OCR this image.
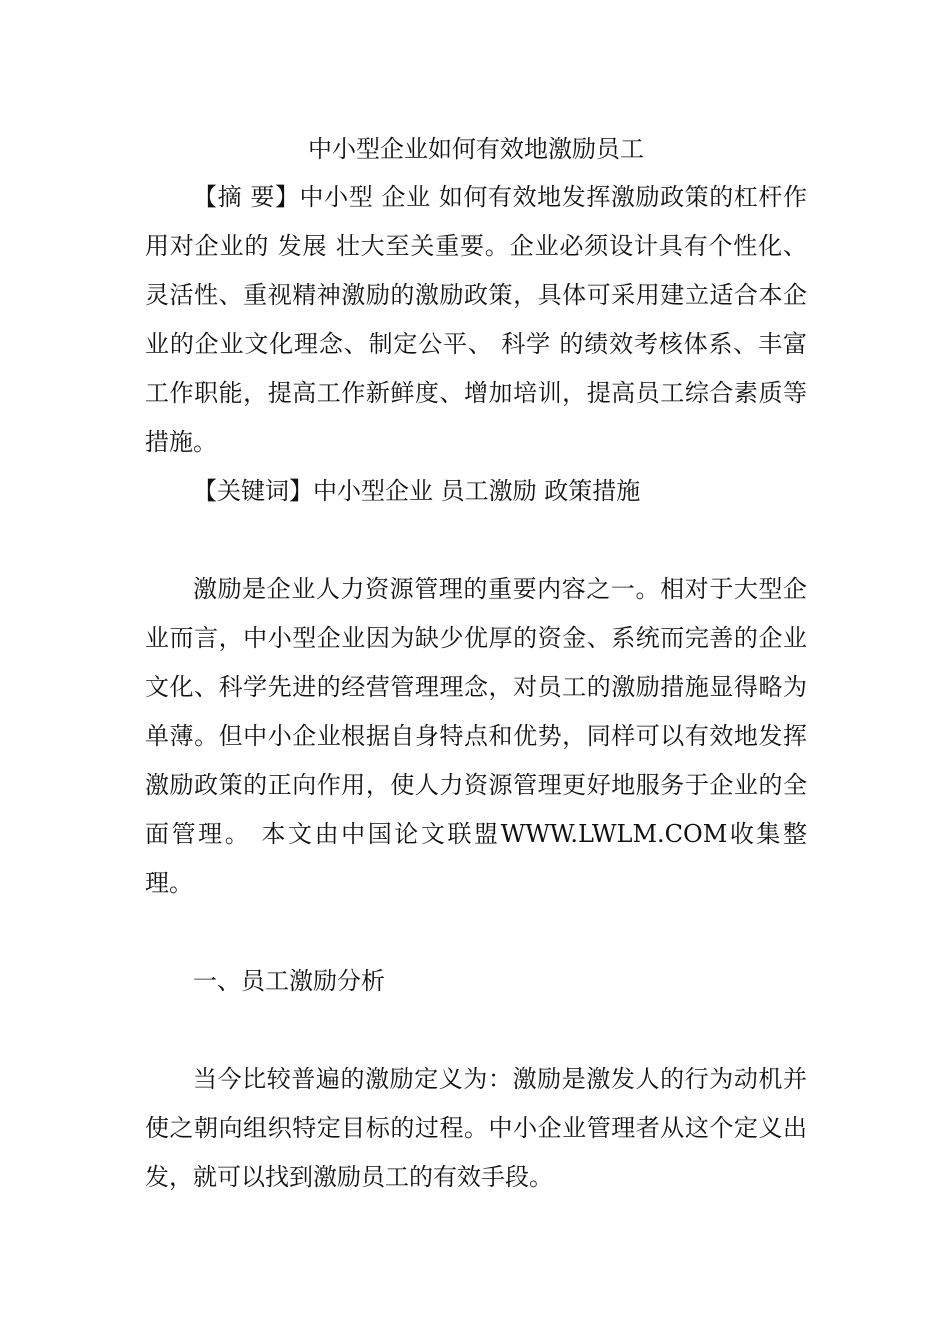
中小型企业如何有效地激励员工

【摘 要】中小型 企业 如何有效地发挥激励政策的杠杆作用对企业的 发展 壮大至关重要。企业必须设计具有个性化、灵活性、重视精神激励的激励政策，具体可采用建立适合本企业的企业文化理念、制定公平、 科学 的绩效考核体系、丰富工作职能，提高工作新鲜度、增加培训，提高员工综合素质等措施。

【关键词】中小型企业 员工激励 政策措施

激励是企业人力资源管理的重要内容之一。相对于大型企业而言，中小型企业因为缺少优厚的资金、系统而完善的企业文化、科学先进的经营管理理念，对员工的激励措施显得略为单薄。但中小企业根据自身特点和优势，同样可以有效地发挥激励政策的正向作用，使人力资源管理更好地服务于企业的全面管理。 本文由中国论文联盟WWW.LWLM.COM收集整理。

一、员工激励分析

当今比较普遍的激励定义为：激励是激发人的行为动机并使之朝向组织特定目标的过程。中小企业管理者从这个定义出发，就可以找到激励员工的有效手段。
